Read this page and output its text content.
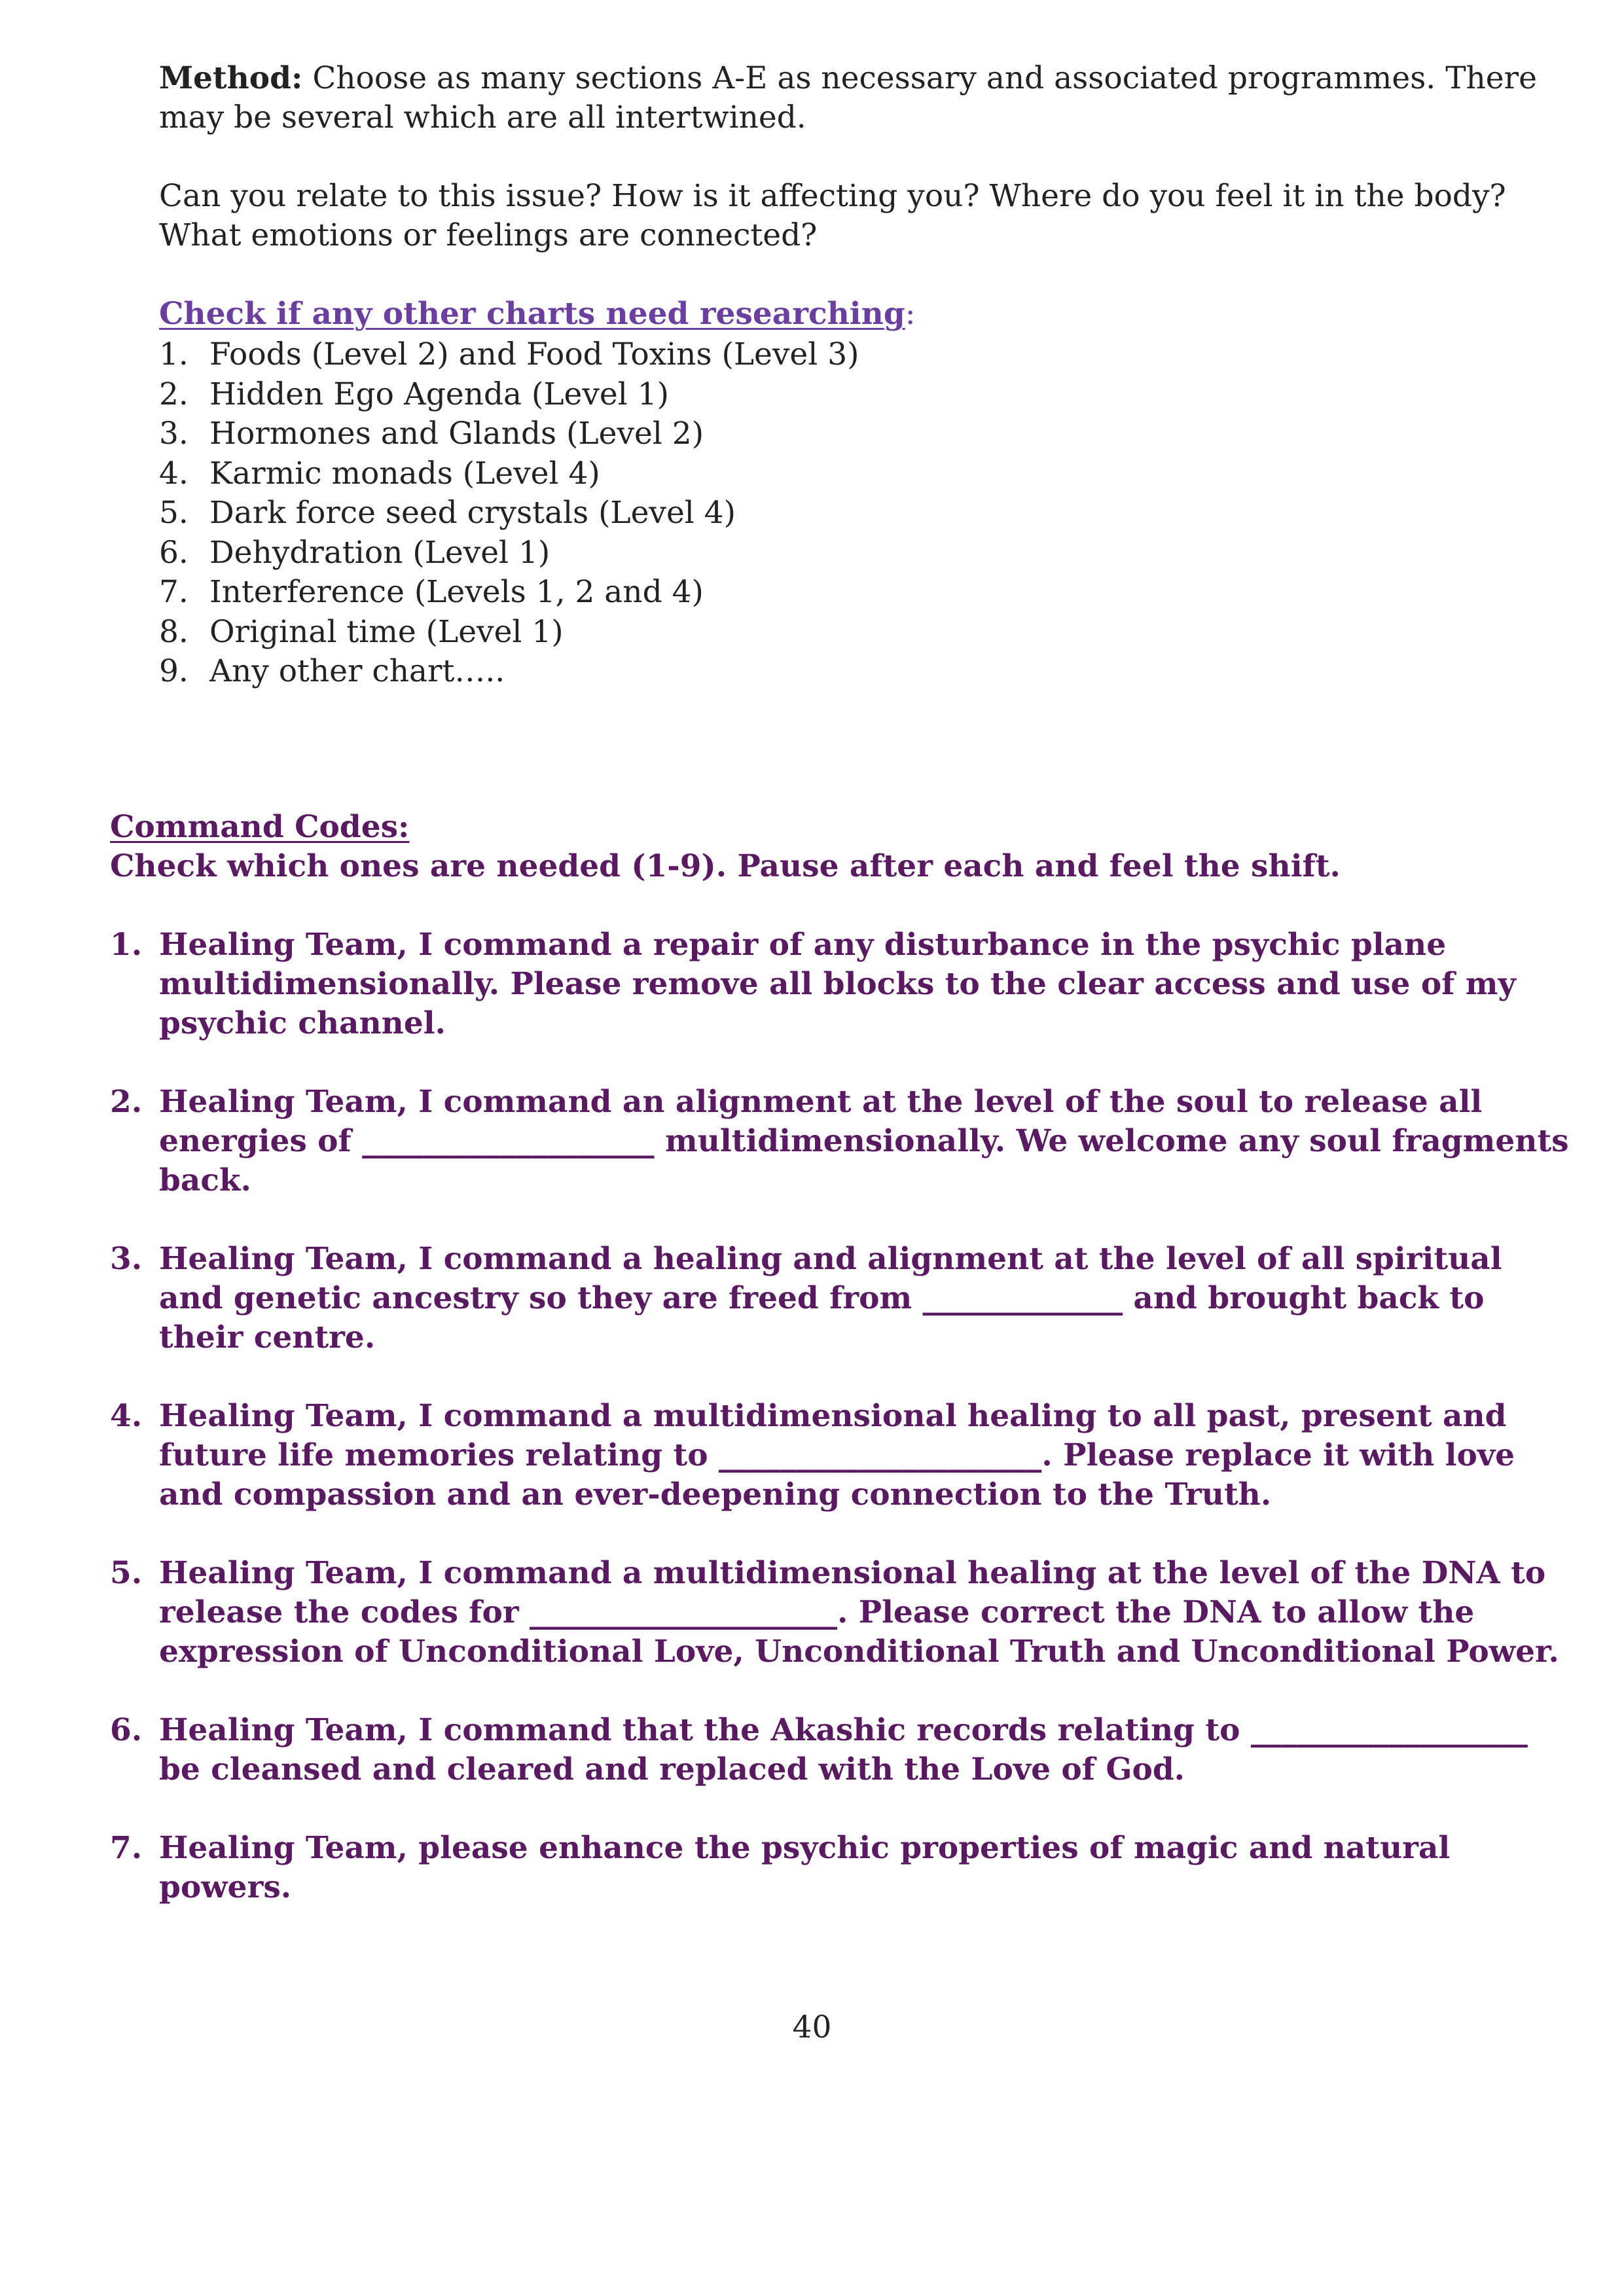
Method: Choose as many sections A-E as necessary and associated programmes. There may be several which are all intertwined.

Can you relate to this issue? How is it affecting you? Where do you feel it in the body? What emotions or feelings are connected?

Check if any other charts need researching:

1. Foods (Level 2) and Food Toxins (Level 3)
2. Hidden Ego Agenda (Level 1)
3. Hormones and Glands (Level 2)
4. Karmic monads (Level 4)
5. Dark force seed crystals (Level 4)
6. Dehydration (Level 1)
7. Interference (Levels 1, 2 and 4)
8. Original time (Level 1)
9. Any other chart…..
Command Codes:
Check which ones are needed (1-9). Pause after each and feel the shift.
1. Healing Team, I command a repair of any disturbance in the psychic plane multidimensionally. Please remove all blocks to the clear access and use of my psychic channel.
2. Healing Team, I command an alignment at the level of the soul to release all energies of ___________________ multidimensionally. We welcome any soul fragments back.
3. Healing Team, I command a healing and alignment at the level of all spiritual and genetic ancestry so they are freed from _____________ and brought back to their centre.
4. Healing Team, I command a multidimensional healing to all past, present and future life memories relating to _____________________. Please replace it with love and compassion and an ever-deepening connection to the Truth.
5. Healing Team, I command a multidimensional healing at the level of the DNA to release the codes for ____________________. Please correct the DNA to allow the expression of Unconditional Love, Unconditional Truth and Unconditional Power.
6. Healing Team, I command that the Akashic records relating to __________________ be cleansed and cleared and replaced with the Love of God.
7. Healing Team, please enhance the psychic properties of magic and natural powers.
40
